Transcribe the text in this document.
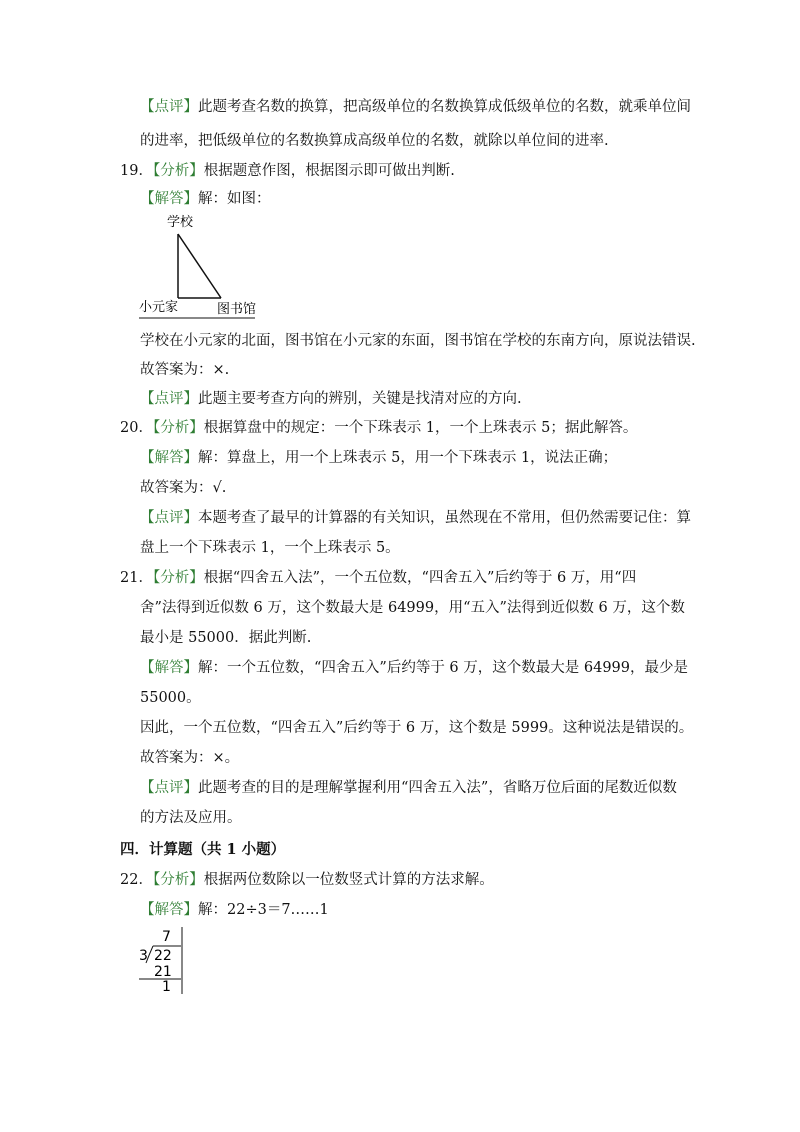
【点评】此题考查名数的换算，把高级单位的名数换算成低级单位的名数，就乘单位间
的进率，把低级单位的名数换算成高级单位的名数，就除以单位间的进率.
19．【分析】根据题意作图，根据图示即可做出判断.
【解答】解：如图：
学校
小元家	图书馆
学校在小元家的北面，图书馆在小元家的东面，图书馆在学校的东南方向，原说法错误.
故答案为：×.
【点评】此题主要考查方向的辨别，关键是找清对应的方向.
20．【分析】根据算盘中的规定：一个下珠表示 1，一个上珠表示 5；据此解答。
【解答】解：算盘上，用一个上珠表示 5，用一个下珠表示 1，说法正确；
故答案为：√.
【点评】本题考查了最早的计算器的有关知识，虽然现在不常用，但仍然需要记住：算
盘上一个下珠表示 1，一个上珠表示 5。
21．【分析】根据“四舍五入法”，一个五位数，“四舍五入”后约等于 6 万，用“四
舍”法得到近似数 6 万，这个数最大是 64999，用“五入”法得到近似数 6 万，这个数
最小是 55000．据此判断.
【解答】解：一个五位数，“四舍五入”后约等于 6 万，这个数最大是 64999，最少是
55000。
因此，一个五位数，“四舍五入”后约等于 6 万，这个数是 5999。这种说法是错误的。
故答案为：×。
【点评】此题考查的目的是理解掌握利用“四舍五入法”，省略万位后面的尾数近似数
的方法及应用。
四．计算题（共 1 小题）
22．【分析】根据两位数除以一位数竖式计算的方法求解。
【解答】解：22÷3＝7……1
7
3 22
21
1
